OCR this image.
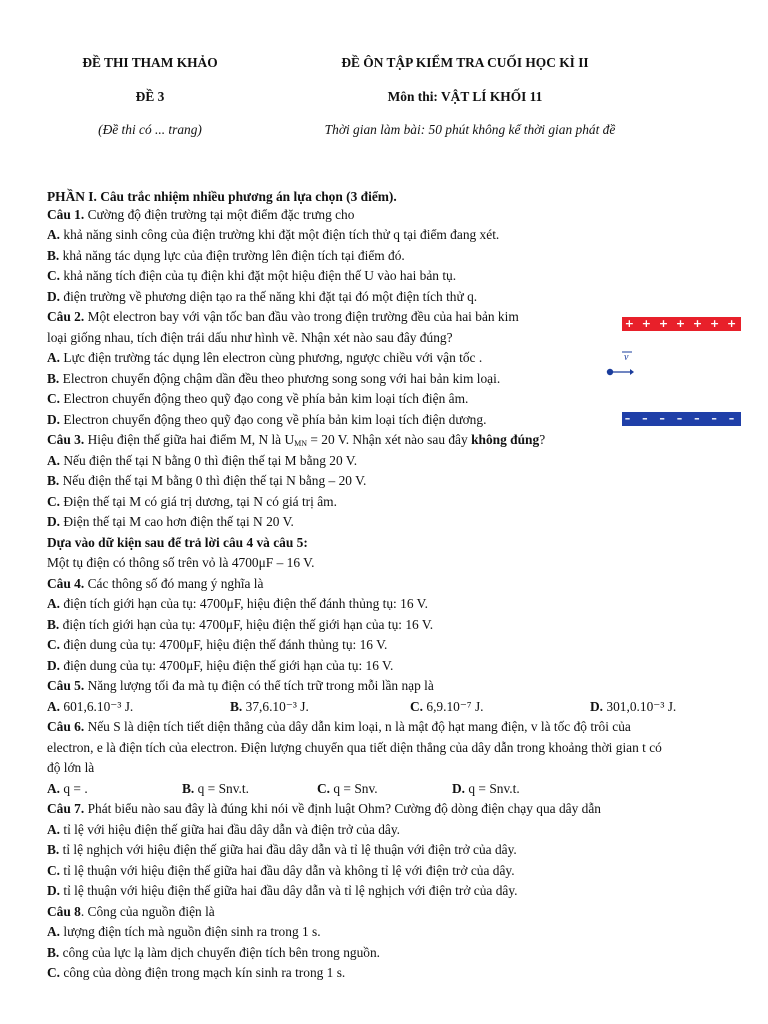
ĐỀ THI THAM KHẢO
ĐỀ 3
(Đề thi có ... trang)
ĐỀ ÔN TẬP KIỂM TRA CUỐI HỌC KÌ II
Môn thi: VẬT LÍ KHỐI 11
Thời gian làm bài: 50 phút không kể thời gian phát đề
PHẦN I. Câu trắc nhiệm nhiều phương án lựa chọn (3 điểm).
Câu 1. Cường độ điện trường tại một điểm đặc trưng cho
A. khả năng sinh công của điện trường khi đặt một điện tích thử q tại điểm đang xét.
B. khả năng tác dụng lực của điện trường lên điện tích tại điểm đó.
C. khả năng tích điện của tụ điện khi đặt một hiệu điện thế U vào hai bản tụ.
D. điện trường về phương diện tạo ra thế năng khi đặt tại đó một điện tích thử q.
Câu 2. Một electron bay với vận tốc ban đầu vào trong điện trường đều của hai bản kim
loại giống nhau, tích điện trái dấu như hình vẽ. Nhận xét nào sau đây đúng?
A. Lực điện trường tác dụng lên electron cùng phương, ngược chiều với vận tốc .
B. Electron chuyển động chậm dần đều theo phương song song với hai bản kim loại.
C. Electron chuyển động theo quỹ đạo cong về phía bản kim loại tích điện âm.
D. Electron chuyển động theo quỹ đạo cong về phía bản kim loại tích điện dương.
+ + + + + + + + + +
v
– – – – – – – –
Câu 3. Hiệu điện thế giữa hai điểm M, N là $U_{MN} = 20$ V. Nhận xét nào sau đây không đúng?
A. Nếu điện thế tại N bằng 0 thì điện thế tại M bằng 20 V.
B. Nếu điện thế tại M bằng 0 thì điện thế tại N bằng – 20 V.
C. Điện thế tại M có giá trị dương, tại N có giá trị âm.
D. Điện thế tại M cao hơn điện thế tại N 20 V.
Dựa vào dữ kiện sau để trả lời câu 4 và câu 5:
Một tụ điện có thông số trên vỏ là 4700μF – 16 V.
Câu 4. Các thông số đó mang ý nghĩa là
A. điện tích giới hạn của tụ: 4700μF, hiệu điện thế đánh thủng tụ: 16 V.
B. điện tích giới hạn của tụ: 4700μF, hiệu điện thế giới hạn của tụ: 16 V.
C. điện dung của tụ: 4700μF, hiệu điện thế đánh thủng tụ: 16 V.
D. điện dung của tụ: 4700μF, hiệu điện thế giới hạn của tụ: 16 V.
Câu 5. Năng lượng tối đa mà tụ điện có thể tích trữ trong mỗi lần nạp là
A. 601,6.10⁻³ J.	B. 37,6.10⁻³ J.	C. 6,9.10⁻⁷ J.	D. 301,0.10⁻³ J.
Câu 6. Nếu S là diện tích tiết diện thẳng của dây dẫn kim loại, n là mật độ hạt mang điện, v là tốc độ trôi của
electron, e là điện tích của electron. Điện lượng chuyển qua tiết diện thẳng của dây dẫn trong khoảng thời gian t có
độ lớn là
A. q = .	B. q = Snv.t.	C. q = Snv.	D. q = Snv.t.
Câu 7. Phát biểu nào sau đây là đúng khi nói về định luật Ohm? Cường độ dòng điện chạy qua dây dẫn
A. tỉ lệ với hiệu điện thế giữa hai đầu dây dẫn và điện trở của dây.
B. tỉ lệ nghịch với hiệu điện thế giữa hai đầu dây dẫn và tỉ lệ thuận với điện trở của dây.
C. tỉ lệ thuận với hiệu điện thế giữa hai đầu dây dẫn và không tỉ lệ với điện trở của dây.
D. tỉ lệ thuận với hiệu điện thế giữa hai đầu dây dẫn và tỉ lệ nghịch với điện trở của dây.
Câu 8. Công của nguồn điện là
A. lượng điện tích mà nguồn điện sinh ra trong 1 s.
B. công của lực lạ làm dịch chuyển điện tích bên trong nguồn.
C. công của dòng điện trong mạch kín sinh ra trong 1 s.
